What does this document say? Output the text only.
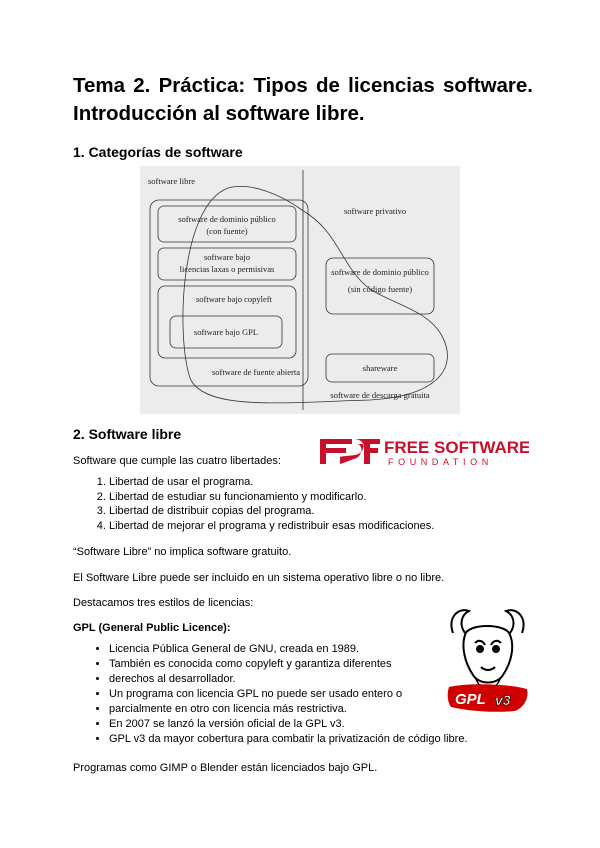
Tema 2. Práctica: Tipos de licencias software. Introducción al software libre.
1. Categorías de software
software libre
software privativo
software de dominio público
(con fuente)
software bajo
licencias laxas o permisivas
software bajo copyleft
software bajo GPL
software de fuente abierta
software de dominio público
(sin código fuente)
shareware
software de descarga gratuita
2. Software libre
FREE SOFTWARE
FOUNDATION

Software que cumple las cuatro libertades:

1. Libertad de usar el programa.
2. Libertad de estudiar su funcionamiento y modificarlo.
3. Libertad de distribuir copias del programa.
4. Libertad de mejorar el programa y redistribuir esas modificaciones.

“Software Libre” no implica software gratuito.

El Software Libre puede ser incluido en un sistema operativo libre o no libre.

Destacamos tres estilos de licencias:

GPL (General Public Licence):

• Licencia Pública General de GNU, creada en 1989.
• También es conocida como copyleft y garantiza diferentes
• derechos al desarrollador.
• Un programa con licencia GPL no puede ser usado entero o
• parcialmente en otro con licencia más restrictiva.
• En 2007 se lanzó la versión oficial de la GPL v3.
• GPL v3 da mayor cobertura para combatir la privatización de código libre.
GPL v3

Programas como GIMP o Blender están licenciados bajo GPL.
